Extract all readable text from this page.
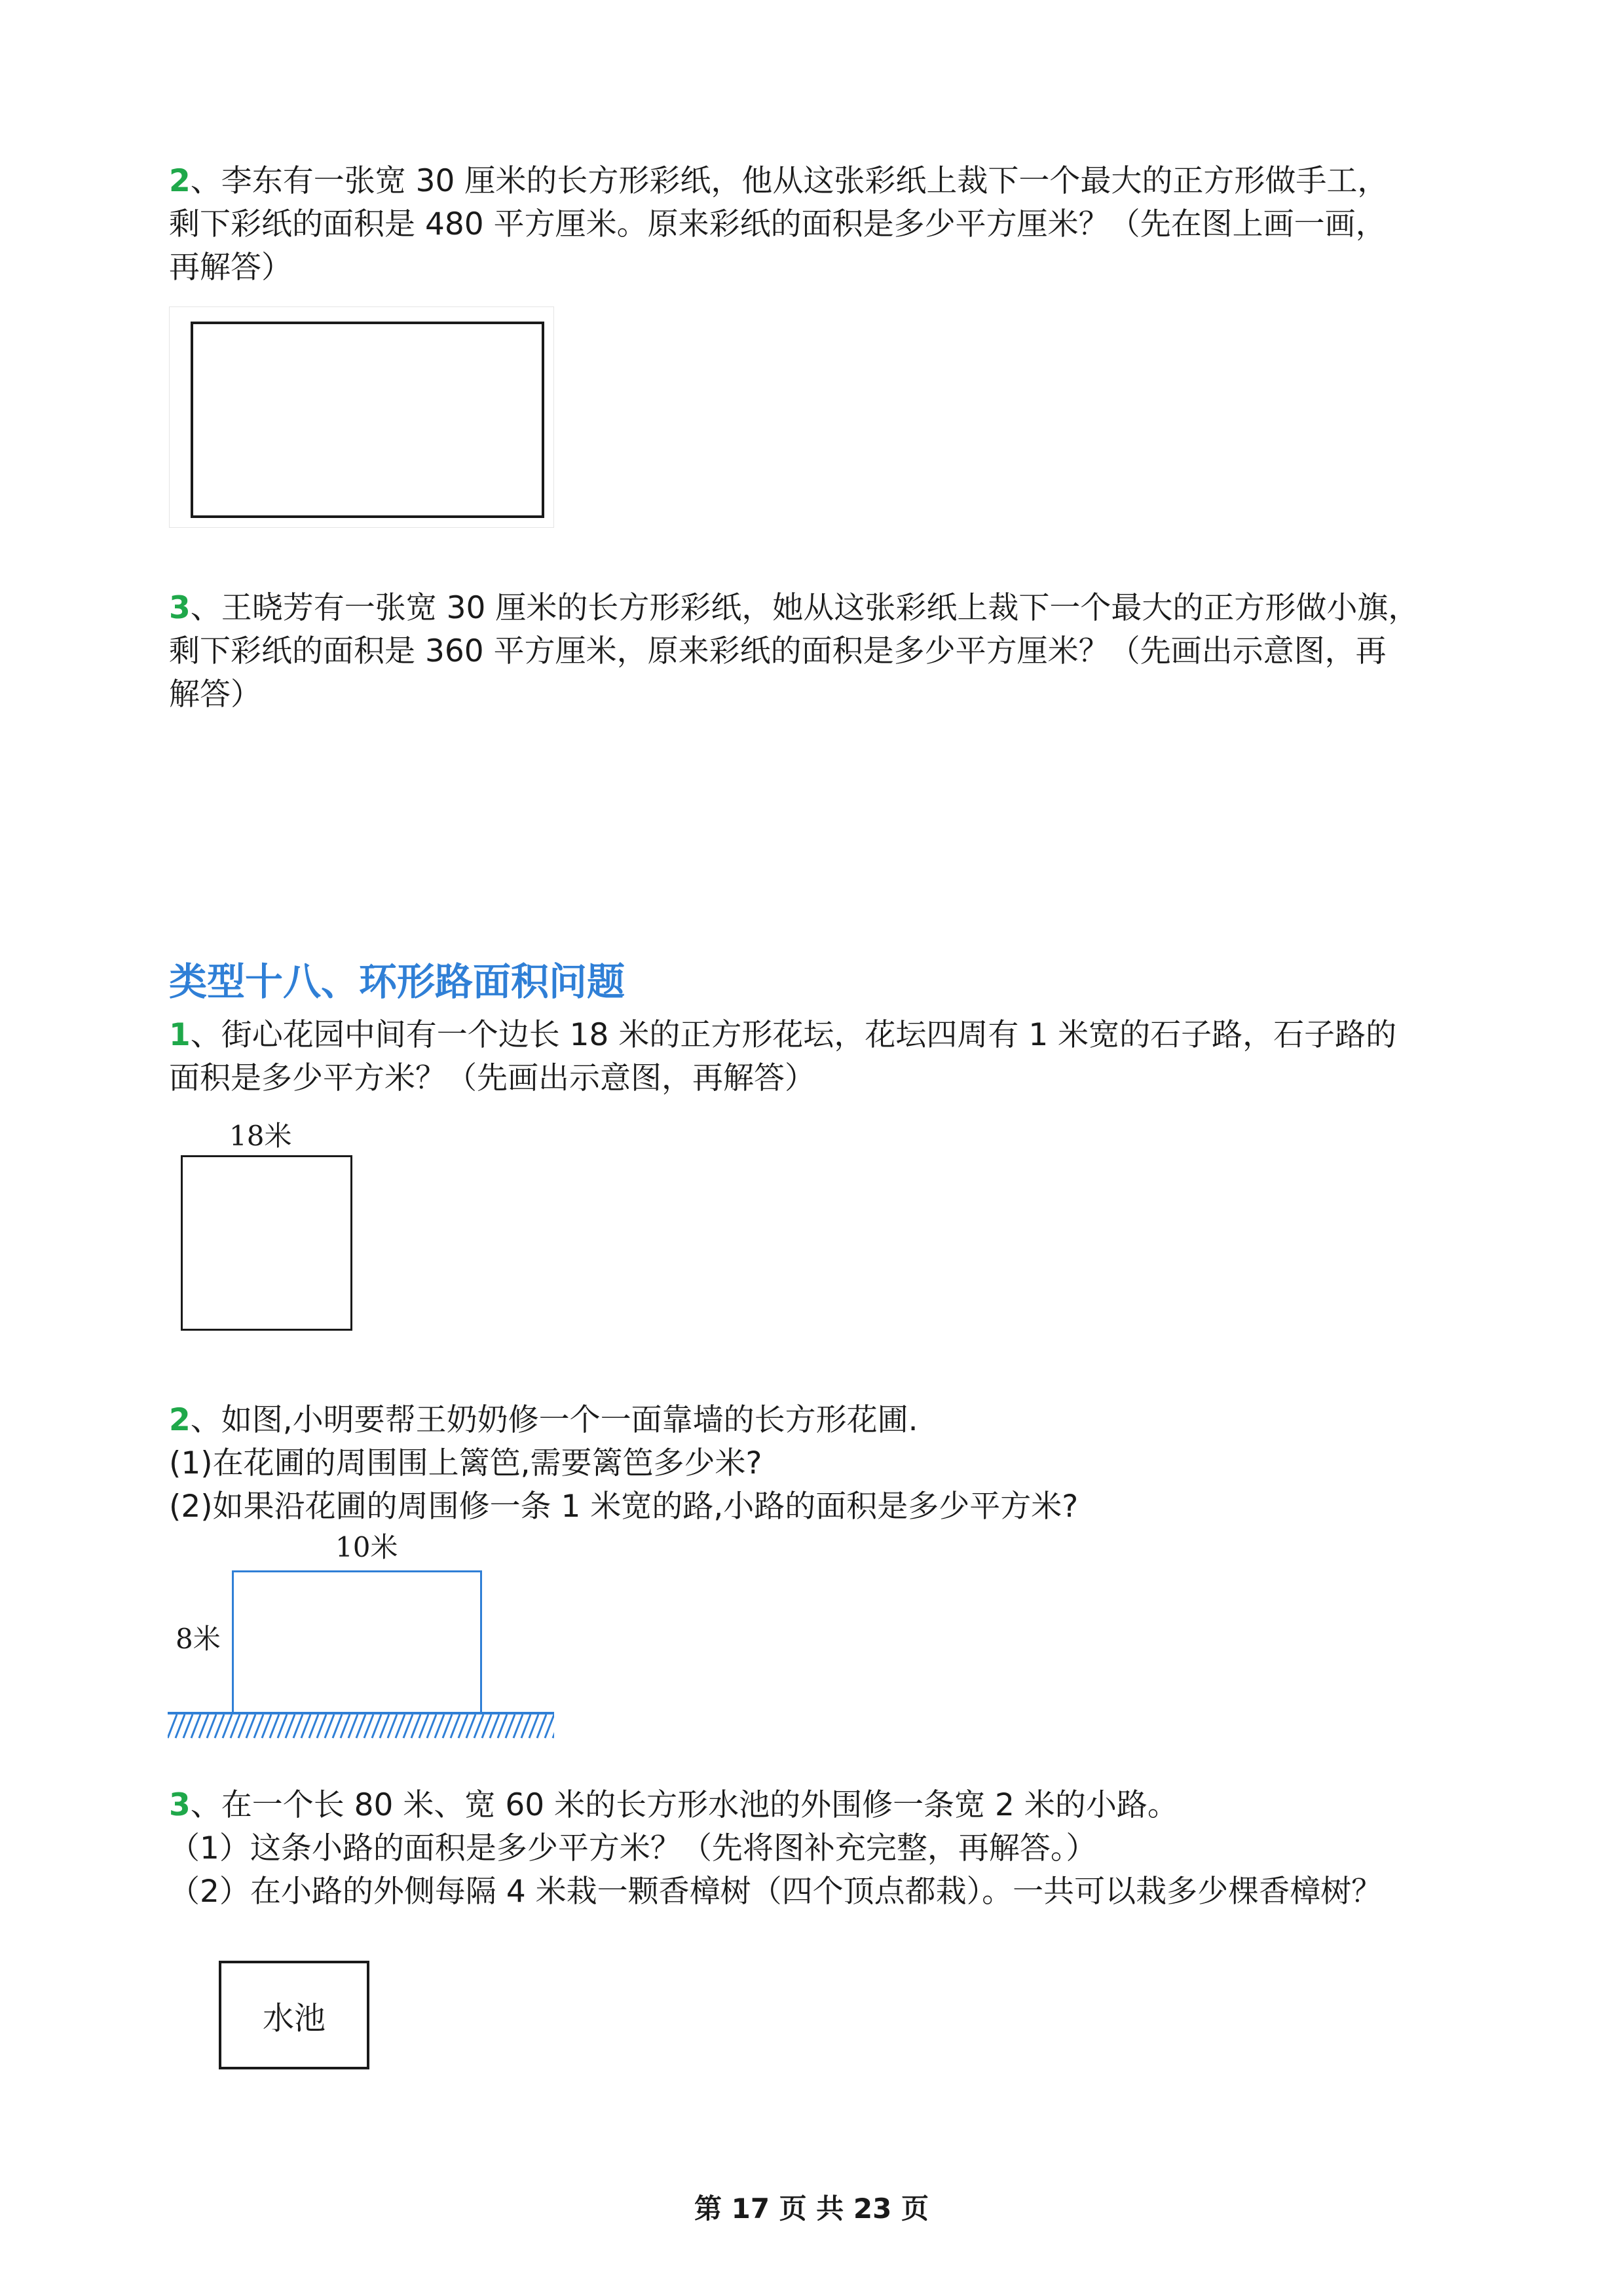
2、李东有一张宽 30 厘米的长方形彩纸，他从这张彩纸上裁下一个最大的正方形做手工，
剩下彩纸的面积是 480 平方厘米。原来彩纸的面积是多少平方厘米？（先在图上画一画，
再解答）
3、王晓芳有一张宽 30 厘米的长方形彩纸，她从这张彩纸上裁下一个最大的正方形做小旗，
剩下彩纸的面积是 360 平方厘米，原来彩纸的面积是多少平方厘米？（先画出示意图，再
解答）
类型十八、环形路面积问题
1、街心花园中间有一个边长 18 米的正方形花坛，花坛四周有 1 米宽的石子路，石子路的
面积是多少平方米？（先画出示意图，再解答）
18米
2、如图,小明要帮王奶奶修一个一面靠墙的长方形花圃.
(1)在花圃的周围围上篱笆,需要篱笆多少米?
(2)如果沿花圃的周围修一条 1 米宽的路,小路的面积是多少平方米?
10米
8米
3、在一个长 80 米、宽 60 米的长方形水池的外围修一条宽 2 米的小路。
（1）这条小路的面积是多少平方米？（先将图补充完整，再解答。）
（2）在小路的外侧每隔 4 米栽一颗香樟树（四个顶点都栽）。一共可以栽多少棵香樟树？
水池
第 17 页 共 23 页
